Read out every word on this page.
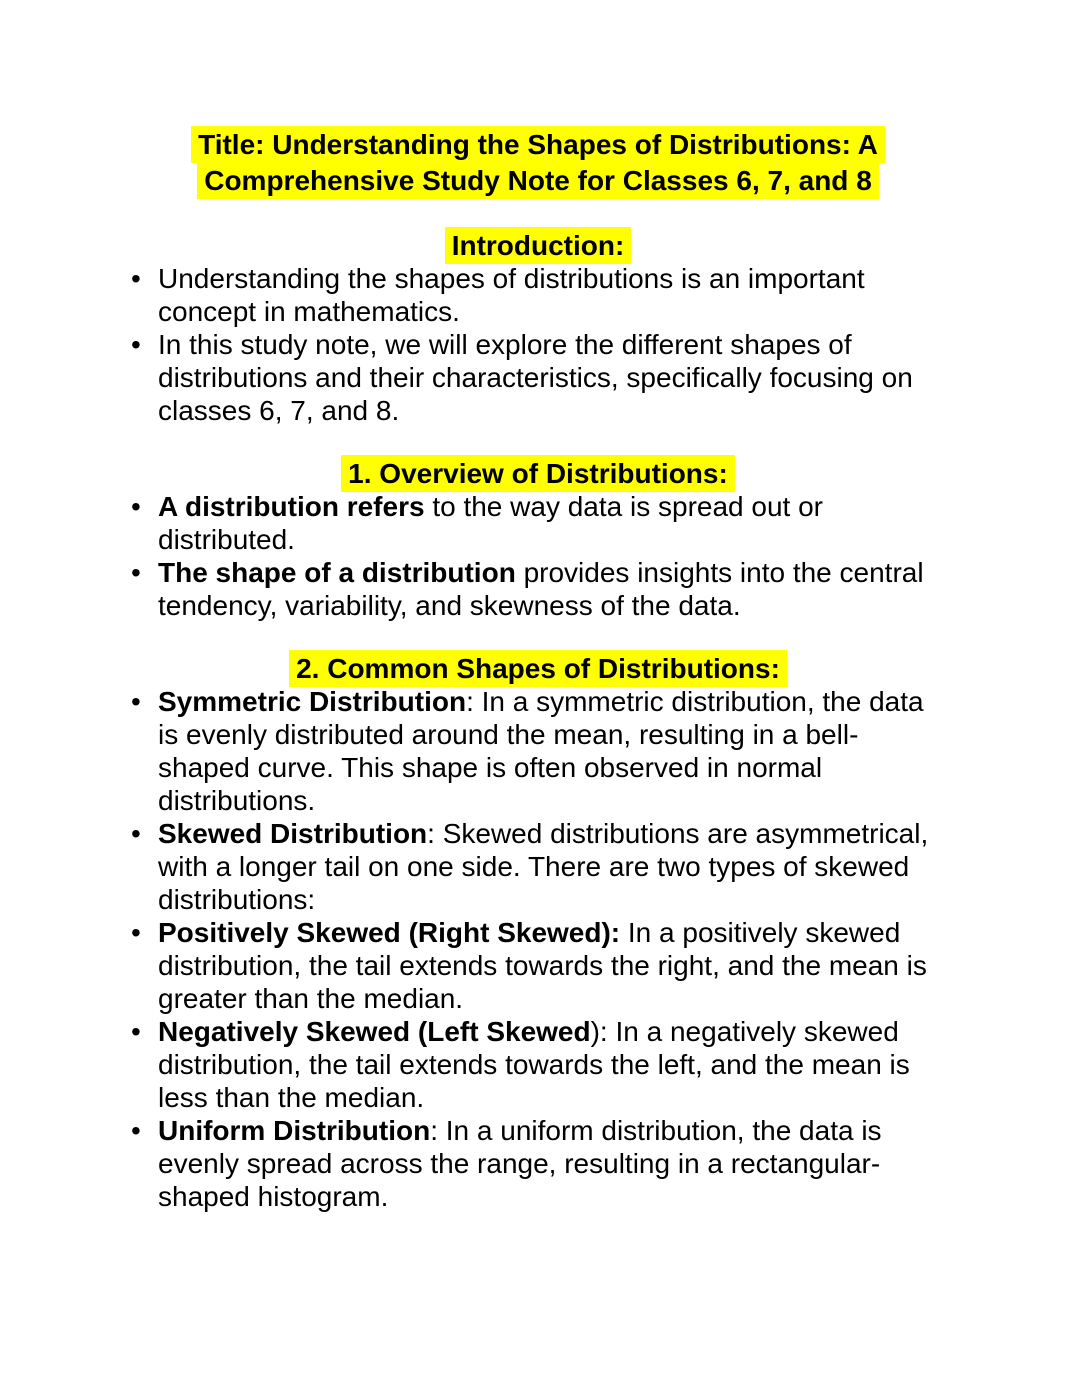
Title: Understanding the Shapes of Distributions: A Comprehensive Study Note for Classes 6, 7, and 8
Introduction:
• Understanding the shapes of distributions is an important concept in mathematics.
• In this study note, we will explore the different shapes of distributions and their characteristics, specifically focusing on classes 6, 7, and 8.
1. Overview of Distributions:
• A distribution refers to the way data is spread out or distributed.
• The shape of a distribution provides insights into the central tendency, variability, and skewness of the data.
2. Common Shapes of Distributions:
• Symmetric Distribution: In a symmetric distribution, the data is evenly distributed around the mean, resulting in a bell-shaped curve. This shape is often observed in normal distributions.
• Skewed Distribution: Skewed distributions are asymmetrical, with a longer tail on one side. There are two types of skewed distributions:
• Positively Skewed (Right Skewed): In a positively skewed distribution, the tail extends towards the right, and the mean is greater than the median.
• Negatively Skewed (Left Skewed): In a negatively skewed distribution, the tail extends towards the left, and the mean is less than the median.
• Uniform Distribution: In a uniform distribution, the data is evenly spread across the range, resulting in a rectangular-shaped histogram.
